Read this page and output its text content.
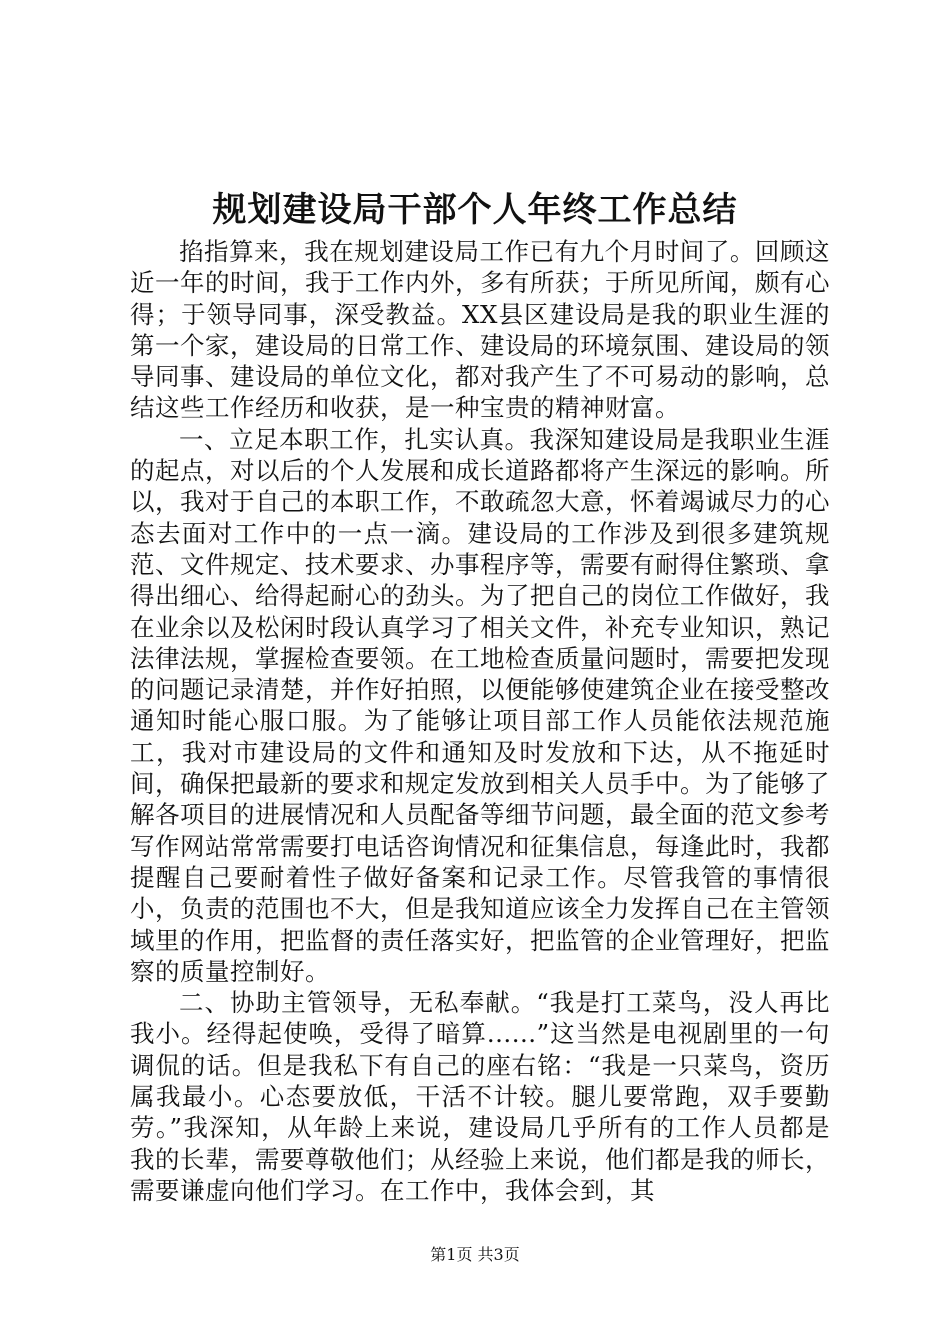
规划建设局干部个人年终工作总结

掐指算来，我在规划建设局工作已有九个月时间了。回顾这近一年的时间，我于工作内外，多有所获；于所见所闻，颇有心得；于领导同事，深受教益。XX县区建设局是我的职业生涯的第一个家，建设局的日常工作、建设局的环境氛围、建设局的领导同事、建设局的单位文化，都对我产生了不可易动的影响，总结这些工作经历和收获，是一种宝贵的精神财富。

一、立足本职工作，扎实认真。我深知建设局是我职业生涯的起点，对以后的个人发展和成长道路都将产生深远的影响。所以，我对于自己的本职工作，不敢疏忽大意，怀着竭诚尽力的心态去面对工作中的一点一滴。建设局的工作涉及到很多建筑规范、文件规定、技术要求、办事程序等，需要有耐得住繁琐、拿得出细心、给得起耐心的劲头。为了把自己的岗位工作做好，我在业余以及松闲时段认真学习了相关文件，补充专业知识，熟记法律法规，掌握检查要领。在工地检查质量问题时，需要把发现的问题记录清楚，并作好拍照，以便能够使建筑企业在接受整改通知时能心服口服。为了能够让项目部工作人员能依法规范施工，我对市建设局的文件和通知及时发放和下达，从不拖延时间，确保把最新的要求和规定发放到相关人员手中。为了能够了解各项目的进展情况和人员配备等细节问题，最全面的范文参考写作网站常常需要打电话咨询情况和征集信息，每逢此时，我都提醒自己要耐着性子做好备案和记录工作。尽管我管的事情很小，负责的范围也不大，但是我知道应该全力发挥自己在主管领域里的作用，把监督的责任落实好，把监管的企业管理好，把监察的质量控制好。

二、协助主管领导，无私奉献。“我是打工菜鸟，没人再比我小。经得起使唤，受得了暗算......”这当然是电视剧里的一句调侃的话。但是我私下有自己的座右铭：“我是一只菜鸟，资历属我最小。心态要放低，干活不计较。腿儿要常跑，双手要勤劳。”我深知，从年龄上来说，建设局几乎所有的工作人员都是我的长辈，需要尊敬他们；从经验上来说，他们都是我的师长，需要谦虚向他们学习。在工作中，我体会到，其

第1页 共3页
